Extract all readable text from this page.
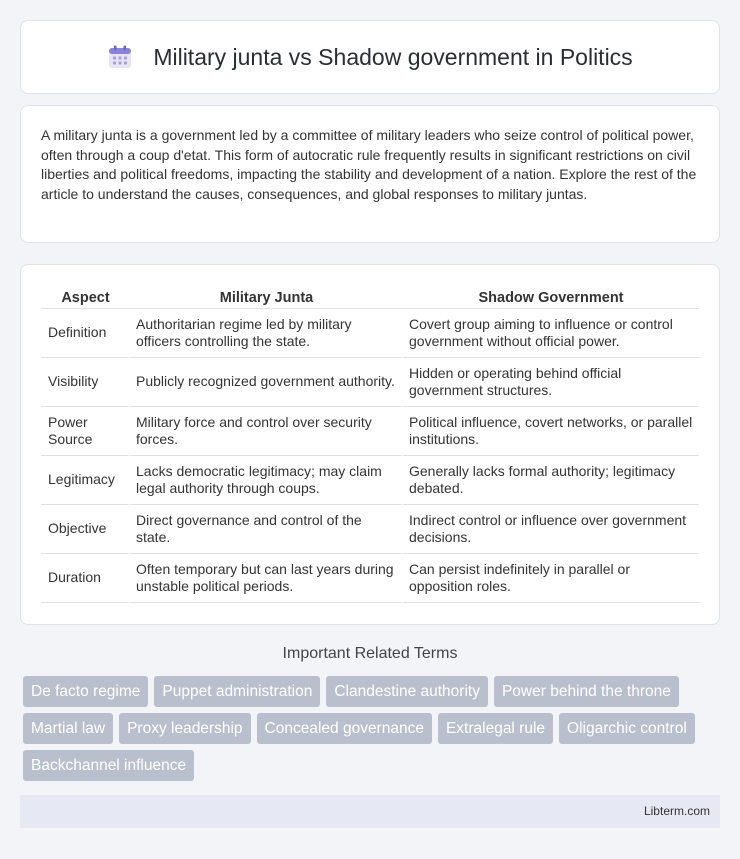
Military junta vs Shadow government in Politics

A military junta is a government led by a committee of military leaders who seize control of political power, often through a coup d'etat. This form of autocratic rule frequently results in significant restrictions on civil liberties and political freedoms, impacting the stability and development of a nation. Explore the rest of the article to understand the causes, consequences, and global responses to military juntas.

Aspect	Military Junta	Shadow Government
Definition	Authoritarian regime led by military officers controlling the state.	Covert group aiming to influence or control government without official power.
Visibility	Publicly recognized government authority.	Hidden or operating behind official government structures.
Power Source	Military force and control over security forces.	Political influence, covert networks, or parallel institutions.
Legitimacy	Lacks democratic legitimacy; may claim legal authority through coups.	Generally lacks formal authority; legitimacy debated.
Objective	Direct governance and control of the state.	Indirect control or influence over government decisions.
Duration	Often temporary but can last years during unstable political periods.	Can persist indefinitely in parallel or opposition roles.
Important Related Terms
De facto regime	Puppet administration	Clandestine authority	Power behind the throne
Martial law	Proxy leadership	Concealed governance	Extralegal rule	Oligarchic control
Backchannel influence
Libterm.com
